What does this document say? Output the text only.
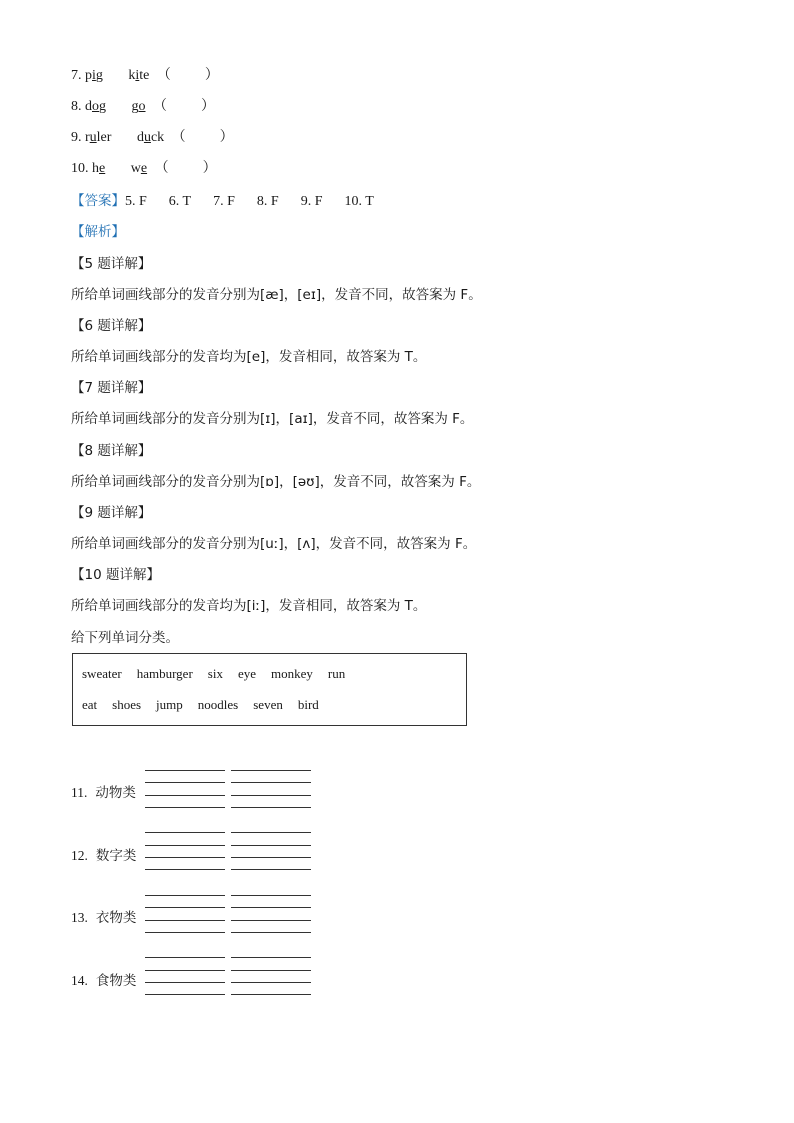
7. pig kite （ ）
8. dog go （ ）
9. ruler duck （ ）
10. he we （ ）
【答案】5. F 6. T 7. F 8. F 9. F 10. T
【解析】
【5 题详解】
所给单词画线部分的发音分别为[æ]，[eɪ]，发音不同，故答案为 F。
【6 题详解】
所给单词画线部分的发音均为[e]，发音相同，故答案为 T。
【7 题详解】
所给单词画线部分的发音分别为[ɪ]，[aɪ]，发音不同，故答案为 F。
【8 题详解】
所给单词画线部分的发音分别为[ɒ]，[əʊ]，发音不同，故答案为 F。
【9 题详解】
所给单词画线部分的发音分别为[uː]，[ʌ]，发音不同，故答案为 F。
【10 题详解】
所给单词画线部分的发音均为[iː]，发音相同，故答案为 T。
给下列单词分类。
sweater hamburger six eye monkey run
eat shoes jump noodles seven bird
11. 动物类
12. 数字类
13. 衣物类
14. 食物类
